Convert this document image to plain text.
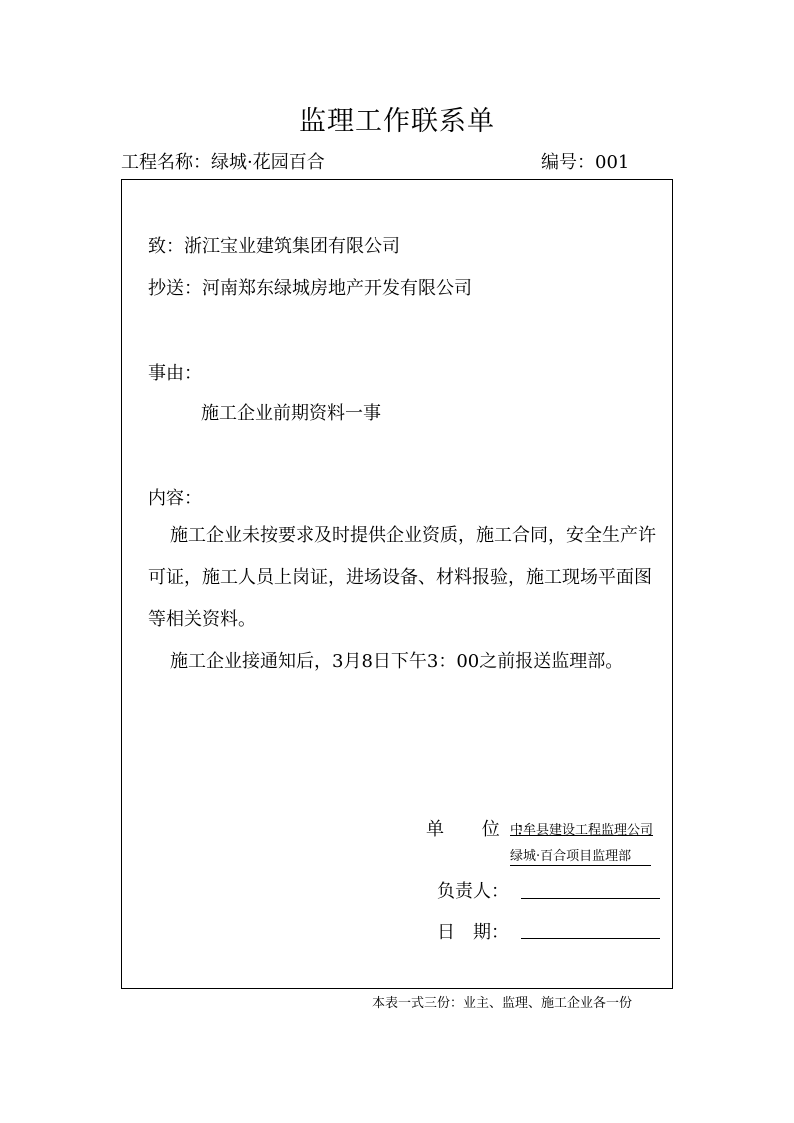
监理工作联系单
工程名称：绿城·花园百合	编号：001
致：浙江宝业建筑集团有限公司
抄送：河南郑东绿城房地产开发有限公司
事由：
施工企业前期资料一事
内容：
施工企业未按要求及时提供企业资质，施工合同，安全生产许可证，施工人员上岗证，进场设备、材料报验，施工现场平面图等相关资料。
施工企业接通知后，3月8日下午3：00之前报送监理部。
单 位：
中牟县建设工程监理公司
绿城·百合项目监理部
负责人：
日　期：
本表一式三份：业主、监理、施工企业各一份
